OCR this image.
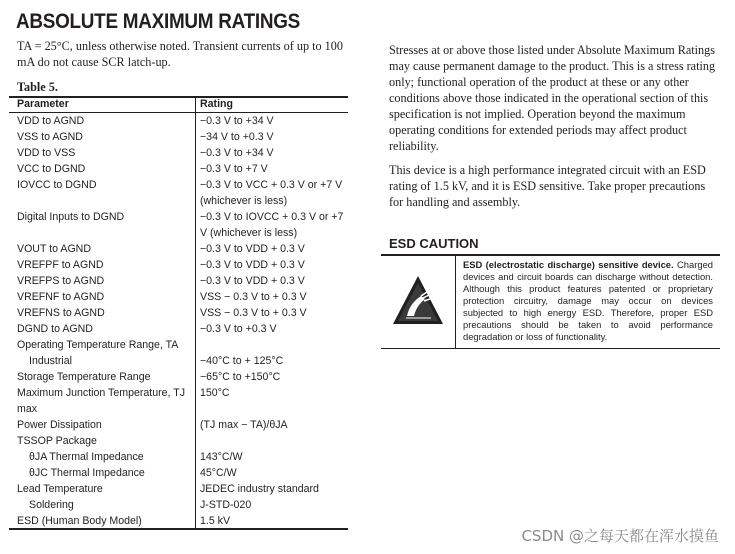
ABSOLUTE MAXIMUM RATINGS
TA = 25°C, unless otherwise noted. Transient currents of up to 100 mA do not cause SCR latch-up.
Table 5.
Parameter	Rating
VDD to AGND	−0.3 V to +34 V
VSS to AGND	−34 V to +0.3 V
VDD to VSS	−0.3 V to +34 V
VCC to DGND	−0.3 V to +7 V
IOVCC to DGND	−0.3 V to VCC + 0.3 V or +7 V (whichever is less)
Digital Inputs to DGND	−0.3 V to IOVCC + 0.3 V or +7 V (whichever is less)
VOUT to AGND	−0.3 V to VDD + 0.3 V
VREFPF to AGND	−0.3 V to VDD + 0.3 V
VREFPS to AGND	−0.3 V to VDD + 0.3 V
VREFNF to AGND	VSS − 0.3 V to + 0.3 V
VREFNS to AGND	VSS − 0.3 V to + 0.3 V
DGND to AGND	−0.3 V to +0.3 V
Operating Temperature Range, TA	
Industrial	−40°C to + 125°C
Storage Temperature Range	−65°C to +150°C
Maximum Junction Temperature, TJ max	150°C
Power Dissipation	(TJ max − TA)/θJA
TSSOP Package	
θJA Thermal Impedance	143°C/W
θJC Thermal Impedance	45°C/W
Lead Temperature	JEDEC industry standard
Soldering	J-STD-020
ESD (Human Body Model)	1.5 kV

Stresses at or above those listed under Absolute Maximum Ratings may cause permanent damage to the product. This is a stress rating only; functional operation of the product at these or any other conditions above those indicated in the operational section of this specification is not implied. Operation beyond the maximum operating conditions for extended periods may affect product reliability.

This device is a high performance integrated circuit with an ESD rating of 1.5 kV, and it is ESD sensitive. Take proper precautions for handling and assembly.

ESD CAUTION
ESD (electrostatic discharge) sensitive device. Charged devices and circuit boards can discharge without detection. Although this product features patented or proprietary protection circuitry, damage may occur on devices subjected to high energy ESD. Therefore, proper ESD precautions should be taken to avoid performance degradation or loss of functionality.
CSDN @之每天都在浑水摸鱼
